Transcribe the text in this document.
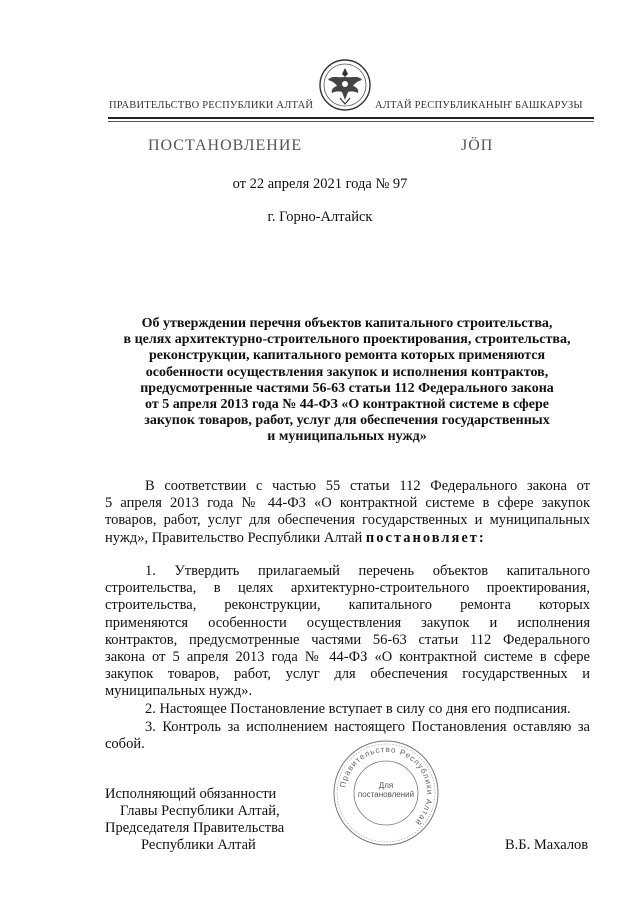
ПРАВИТЕЛЬСТВО РЕСПУБЛИКИ АЛТАЙ	АЛТАЙ РЕСПУБЛИКАНЫҤ БАШКАРУЗЫ
ПОСТАНОВЛЕНИЕ	ЈӦП
от 22 апреля 2021 года № 97
г. Горно-Алтайск
Об утверждении перечня объектов капитального строительства,
в целях архитектурно-строительного проектирования, строительства,
реконструкции, капитального ремонта которых применяются
особенности осуществления закупок и исполнения контрактов,
предусмотренные частями 56-63 статьи 112 Федерального закона
от 5 апреля 2013 года № 44-ФЗ «О контрактной системе в сфере
закупок товаров, работ, услуг для обеспечения государственных
и муниципальных нужд»
В соответствии с частью 55 статьи 112 Федерального закона от
5 апреля 2013 года № 44-ФЗ «О контрактной системе в сфере закупок
товаров, работ, услуг для обеспечения государственных и муниципальных
нужд», Правительство Республики Алтай постановляет:
1. Утвердить прилагаемый перечень объектов капитального
строительства, в целях архитектурно-строительного проектирования,
строительства, реконструкции, капитального ремонта которых
применяются особенности осуществления закупок и исполнения
контрактов, предусмотренные частями 56-63 статьи 112 Федерального
закона от 5 апреля 2013 года № 44-ФЗ «О контрактной системе в сфере
закупок товаров, работ, услуг для обеспечения государственных и
муниципальных нужд».
2. Настоящее Постановление вступает в силу со дня его подписания.
3. Контроль за исполнением настоящего Постановления оставляю за
собой.
Правительство Республики Алтай
Для
постановлений
Исполняющий обязанности
Главы Республики Алтай,
Председателя Правительства
Республики Алтай	В.Б. Махалов
